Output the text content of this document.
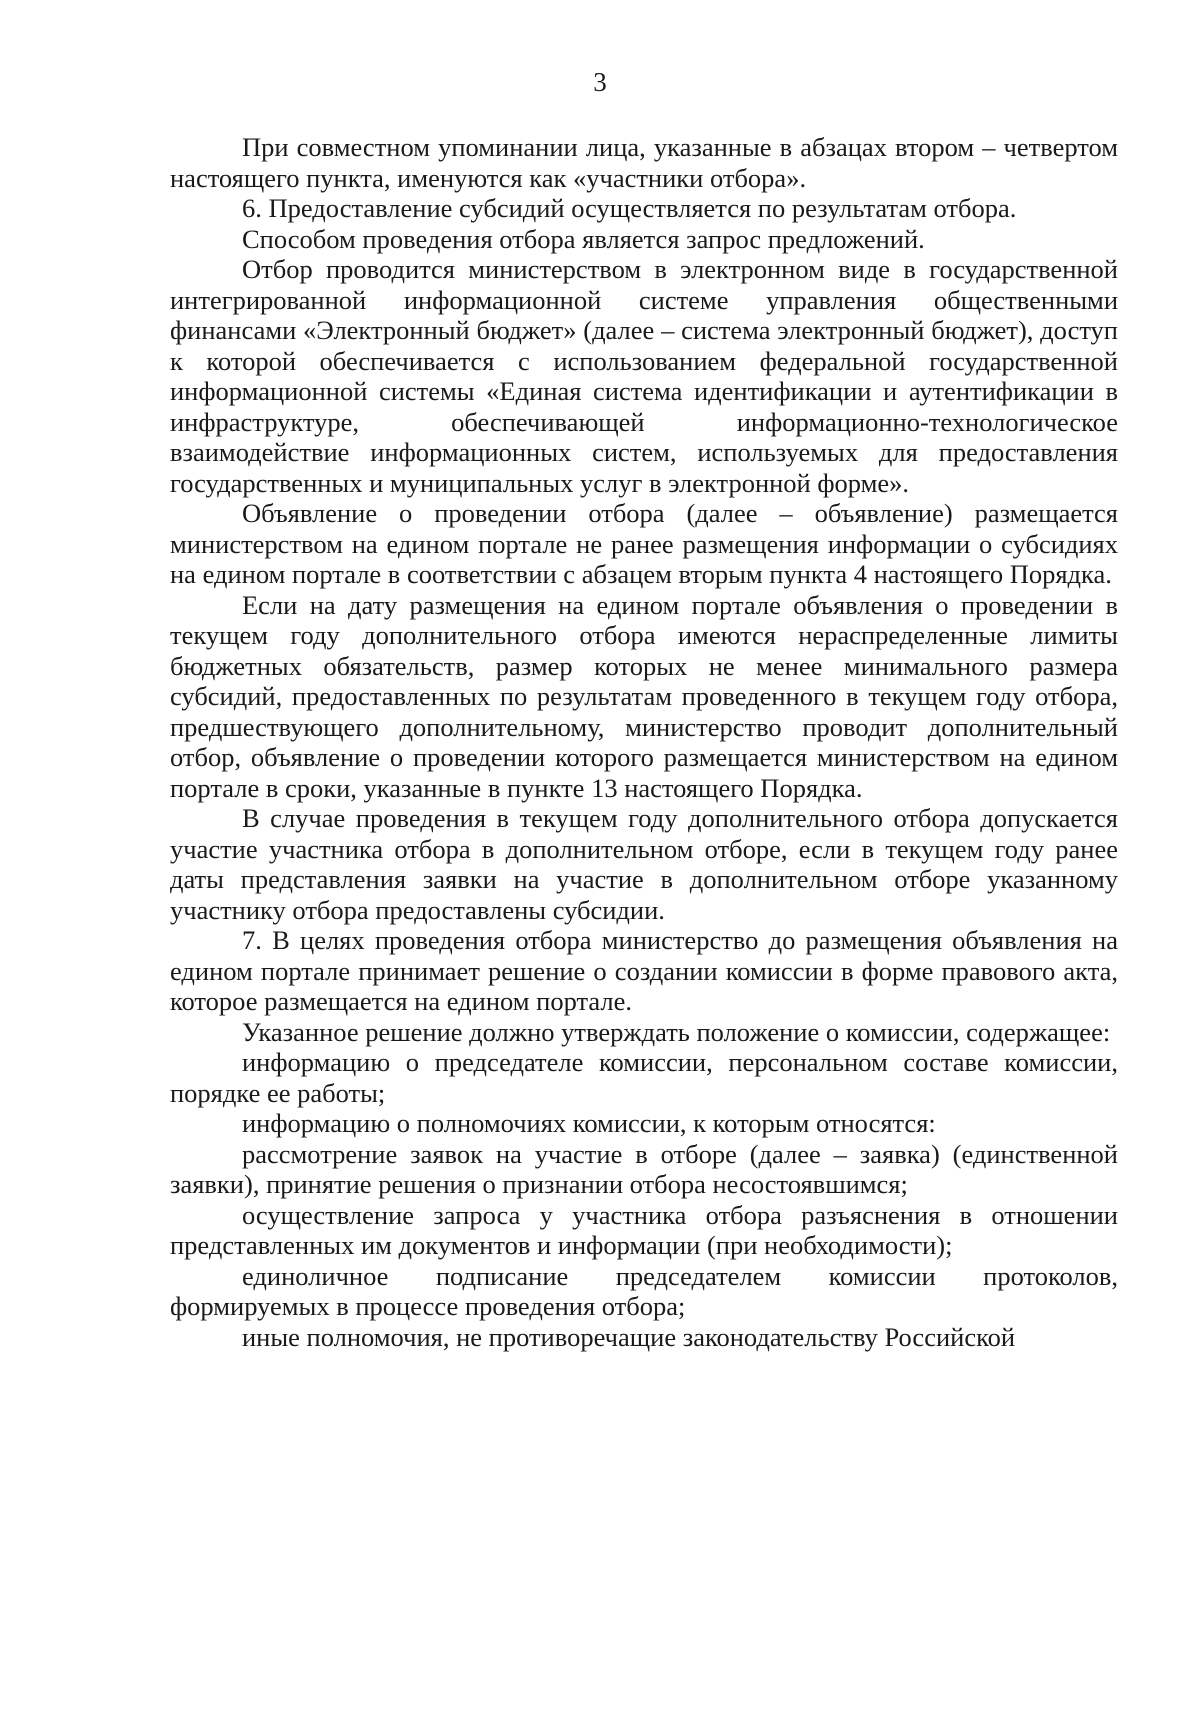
3

При совместном упоминании лица, указанные в абзацах втором – четвертом настоящего пункта, именуются как «участники отбора».

6. Предоставление субсидий осуществляется по результатам отбора.

Способом проведения отбора является запрос предложений.

Отбор проводится министерством в электронном виде в государственной интегрированной информационной системе управления общественными финансами «Электронный бюджет» (далее – система электронный бюджет), доступ к которой обеспечивается с использованием федеральной государственной информационной системы «Единая система идентификации и аутентификации в инфраструктуре, обеспечивающей информационно-технологическое взаимодействие информационных систем, используемых для предоставления государственных и муниципальных услуг в электронной форме».

Объявление о проведении отбора (далее – объявление) размещается министерством на едином портале не ранее размещения информации о субсидиях на едином портале в соответствии с абзацем вторым пункта 4 настоящего Порядка.

Если на дату размещения на едином портале объявления о проведении в текущем году дополнительного отбора имеются нераспределенные лимиты бюджетных обязательств, размер которых не менее минимального размера субсидий, предоставленных по результатам проведенного в текущем году отбора, предшествующего дополнительному, министерство проводит дополнительный отбор, объявление о проведении которого размещается министерством на едином портале в сроки, указанные в пункте 13 настоящего Порядка.

В случае проведения в текущем году дополнительного отбора допускается участие участника отбора в дополнительном отборе, если в текущем году ранее даты представления заявки на участие в дополнительном отборе указанному участнику отбора предоставлены субсидии.

7. В целях проведения отбора министерство до размещения объявления на едином портале принимает решение о создании комиссии в форме правового акта, которое размещается на едином портале.

Указанное решение должно утверждать положение о комиссии, содержащее:

информацию о председателе комиссии, персональном составе комиссии, порядке ее работы;

информацию о полномочиях комиссии, к которым относятся:

рассмотрение заявок на участие в отборе (далее – заявка) (единственной заявки), принятие решения о признании отбора несостоявшимся;

осуществление запроса у участника отбора разъяснения в отношении представленных им документов и информации (при необходимости);

единоличное подписание председателем комиссии протоколов, формируемых в процессе проведения отбора;

иные полномочия, не противоречащие законодательству Российской
